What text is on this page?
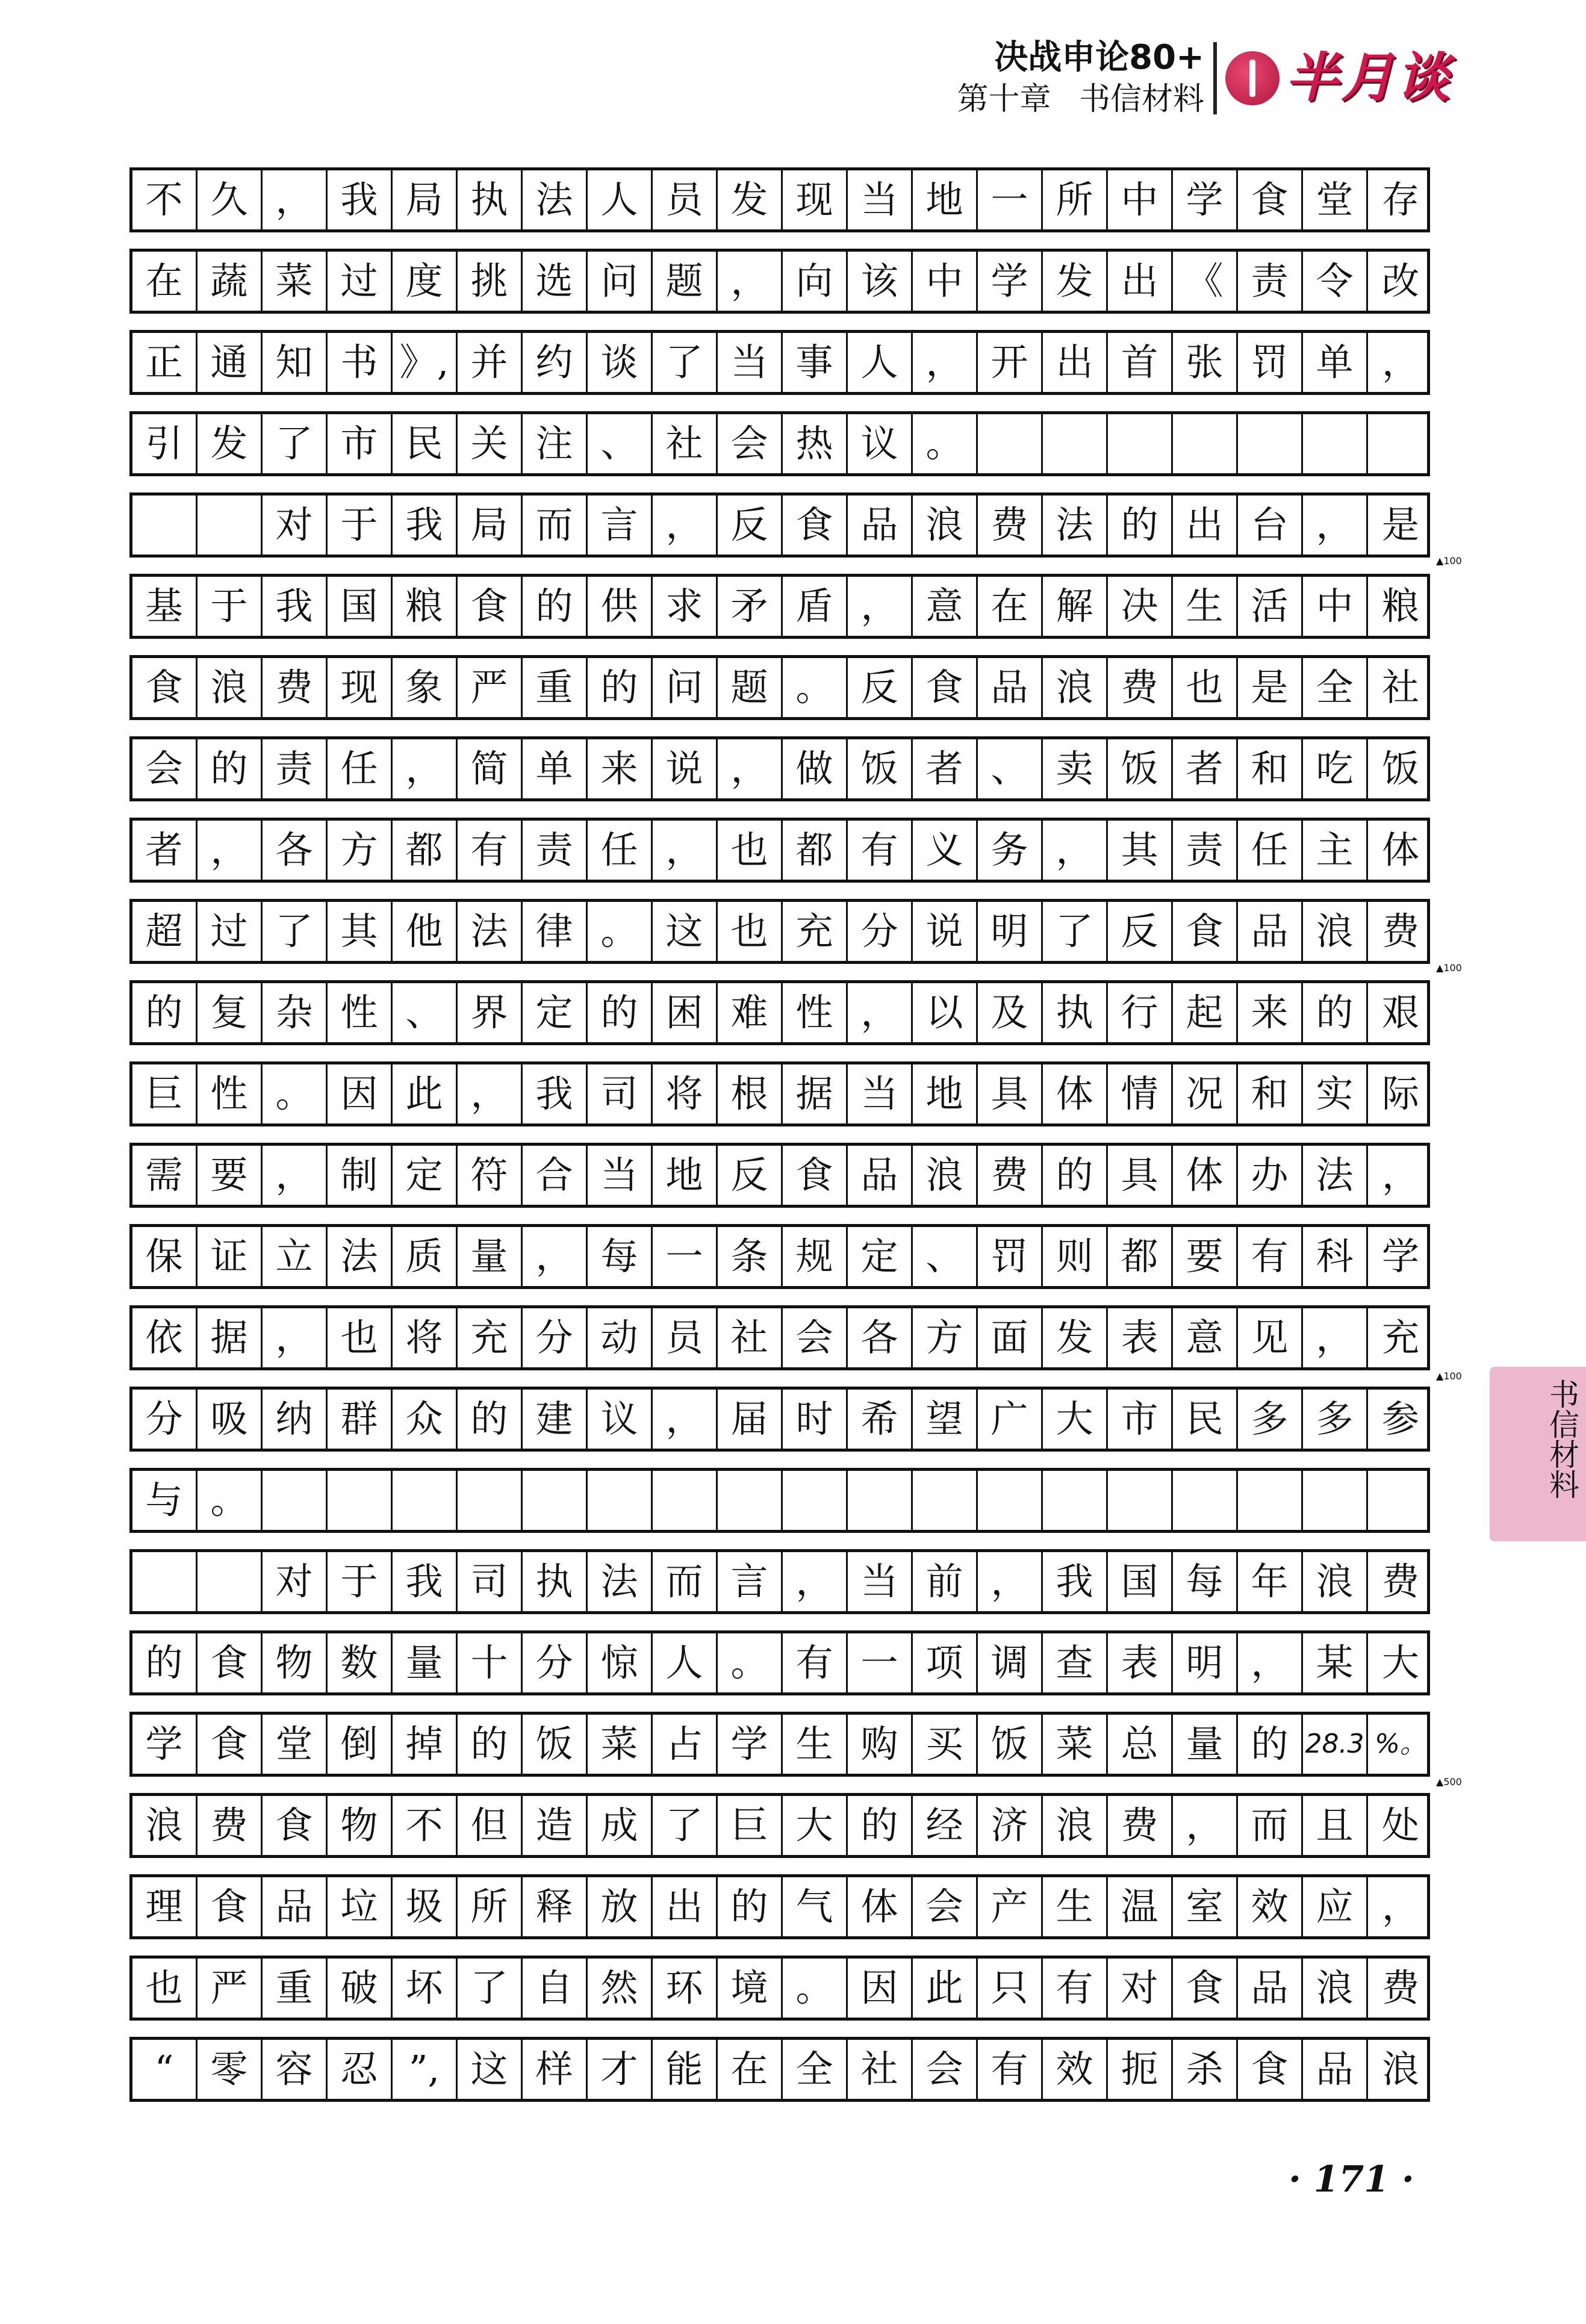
决战申论80+
第十章 书信材料 半月谈
不 久 ， 我 局 执 法 人 员 发 现 当 地 一 所 中 学 食 堂 存
在 蔬 菜 过 度 挑 选 问 题 ， 向 该 中 学 发 出 《 责 令 改
正 通 知 书 》, 并 约 谈 了 当 事 人 ， 开 出 首 张 罚 单 ，
引 发 了 市 民 关 注 、 社 会 热 议 。
对 于 我 局 而 言 ， 反 食 品 浪 费 法 的 出 台 ， 是
基 于 我 国 粮 食 的 供 求 矛 盾 ， 意 在 解 决 生 活 中 粮
食 浪 费 现 象 严 重 的 问 题 。 反 食 品 浪 费 也 是 全 社
会 的 责 任 ， 简 单 来 说 ， 做 饭 者 、 卖 饭 者 和 吃 饭
者 ， 各 方 都 有 责 任 ， 也 都 有 义 务 ， 其 责 任 主 体
超 过 了 其 他 法 律 。 这 也 充 分 说 明 了 反 食 品 浪 费
的 复 杂 性 、 界 定 的 困 难 性 ， 以 及 执 行 起 来 的 艰
巨 性 。 因 此 ， 我 司 将 根 据 当 地 具 体 情 况 和 实 际
需 要 ， 制 定 符 合 当 地 反 食 品 浪 费 的 具 体 办 法 ，
保 证 立 法 质 量 ， 每 一 条 规 定 、 罚 则 都 要 有 科 学
依 据 ， 也 将 充 分 动 员 社 会 各 方 面 发 表 意 见 ， 充
分 吸 纳 群 众 的 建 议 ， 届 时 希 望 广 大 市 民 多 多 参
与 。
对 于 我 司 执 法 而 言 ， 当 前 ， 我 国 每 年 浪 费
的 食 物 数 量 十 分 惊 人 。 有 一 项 调 查 表 明 ， 某 大
学 食 堂 倒 掉 的 饭 菜 占 学 生 购 买 饭 菜 总 量 的 28.3 %。
浪 费 食 物 不 但 造 成 了 巨 大 的 经 济 浪 费 ， 而 且 处
理 食 品 垃 圾 所 释 放 出 的 气 体 会 产 生 温 室 效 应 ，
也 严 重 破 坏 了 自 然 环 境 。 因 此 只 有 对 食 品 浪 费
“ 零 容 忍 ”, 这 样 才 能 在 全 社 会 有 效 扼 杀 食 品 浪
▲100
▲100
▲100
▲500
书信材料
· 171 ·
